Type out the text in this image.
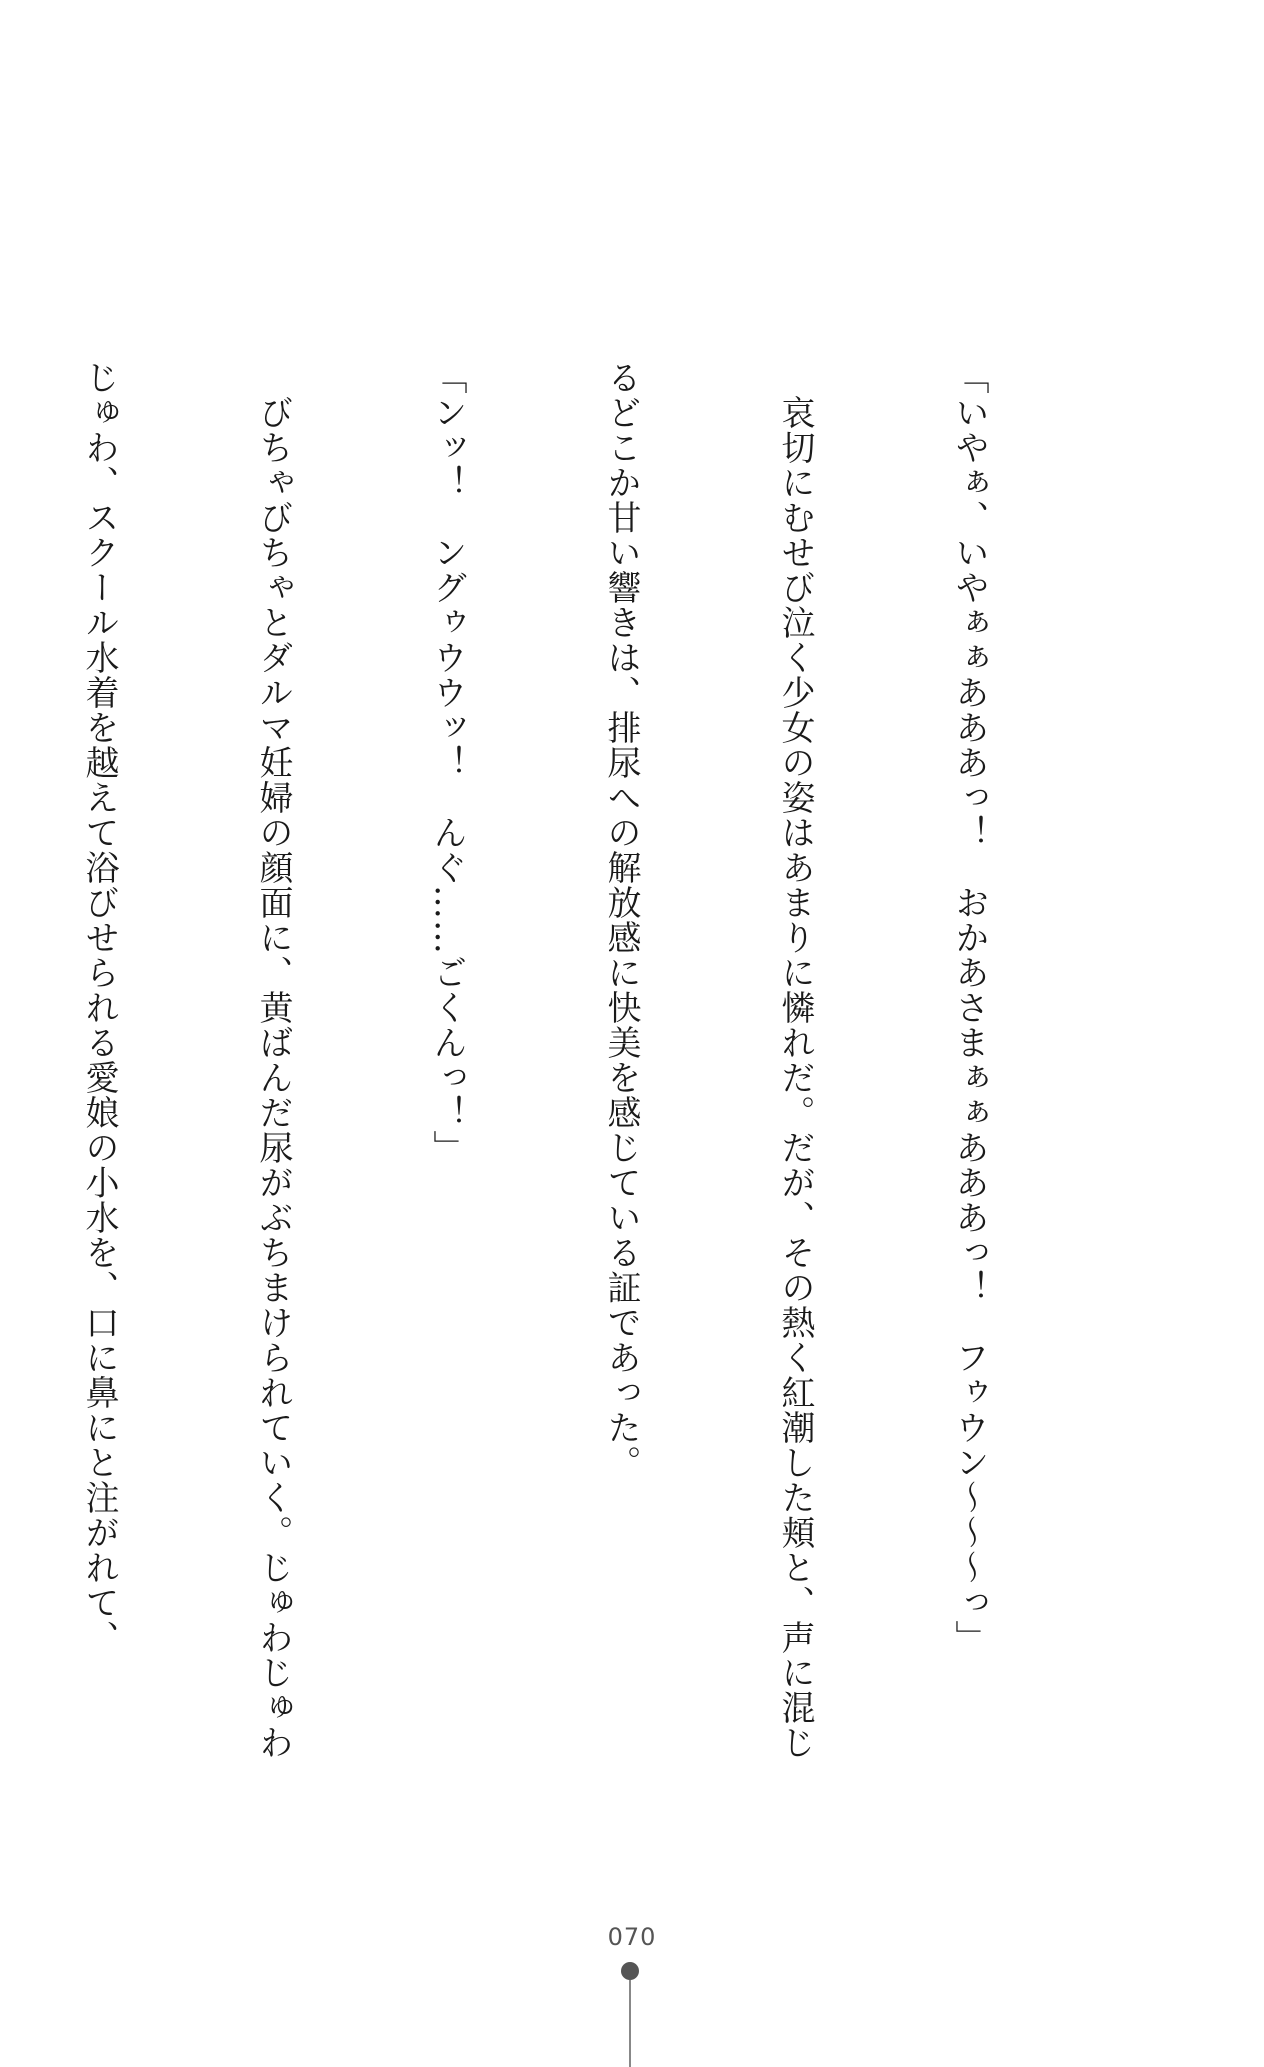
「いやぁ、いやぁぁあああっ！　おかあさまぁぁあああっ！　フゥウン〜〜〜っ」

　哀切にむせび泣く少女の姿はあまりに憐れだ。だが、その熱く紅潮した頬と、声に混じ

るどこか甘い響きは、排尿への解放感に快美を感じている証であった。

「ンッ！　ングゥウウッ！　んぐ……ごくんっ！」

　びちゃびちゃとダルマ妊婦の顔面に、黄ばんだ尿がぶちまけられていく。じゅわじゅわ

じゅわ、スクール水着を越えて浴びせられる愛娘の小水を、口に鼻にと注がれて、

070
